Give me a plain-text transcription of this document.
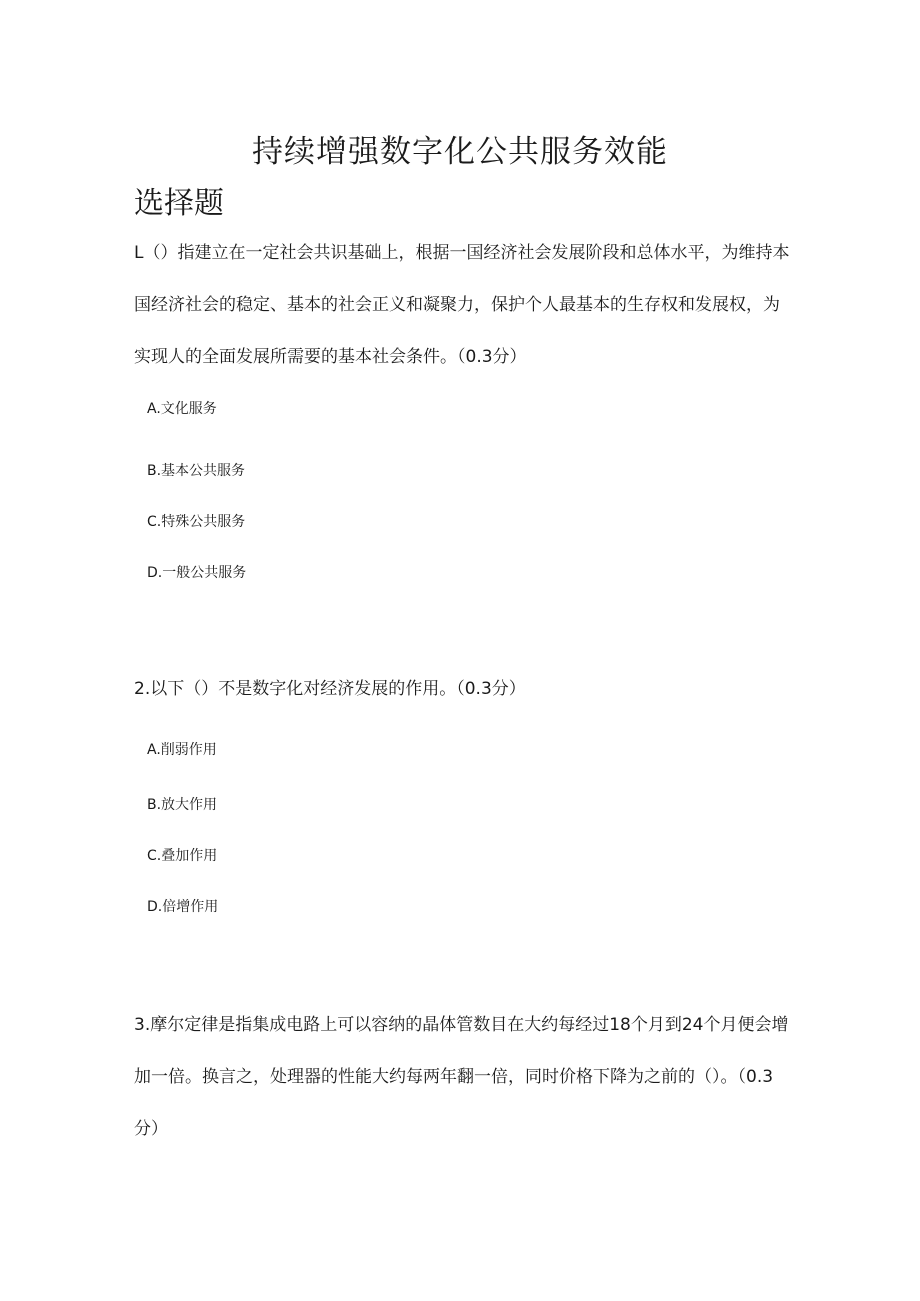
持续增强数字化公共服务效能
选择题

L（）指建立在一定社会共识基础上，根据一国经济社会发展阶段和总体水平，为维持本国经济社会的稳定、基本的社会正义和凝聚力，保护个人最基本的生存权和发展权，为实现人的全面发展所需要的基本社会条件。（0.3分）

A.文化服务
B.基本公共服务
C.特殊公共服务
D.一般公共服务

2.以下（）不是数字化对经济发展的作用。（0.3分）

A.削弱作用
B.放大作用
C.叠加作用
D.倍增作用

3.摩尔定律是指集成电路上可以容纳的晶体管数目在大约每经过18个月到24个月便会增加一倍。换言之，处理器的性能大约每两年翻一倍，同时价格下降为之前的（）。（0.3分）
